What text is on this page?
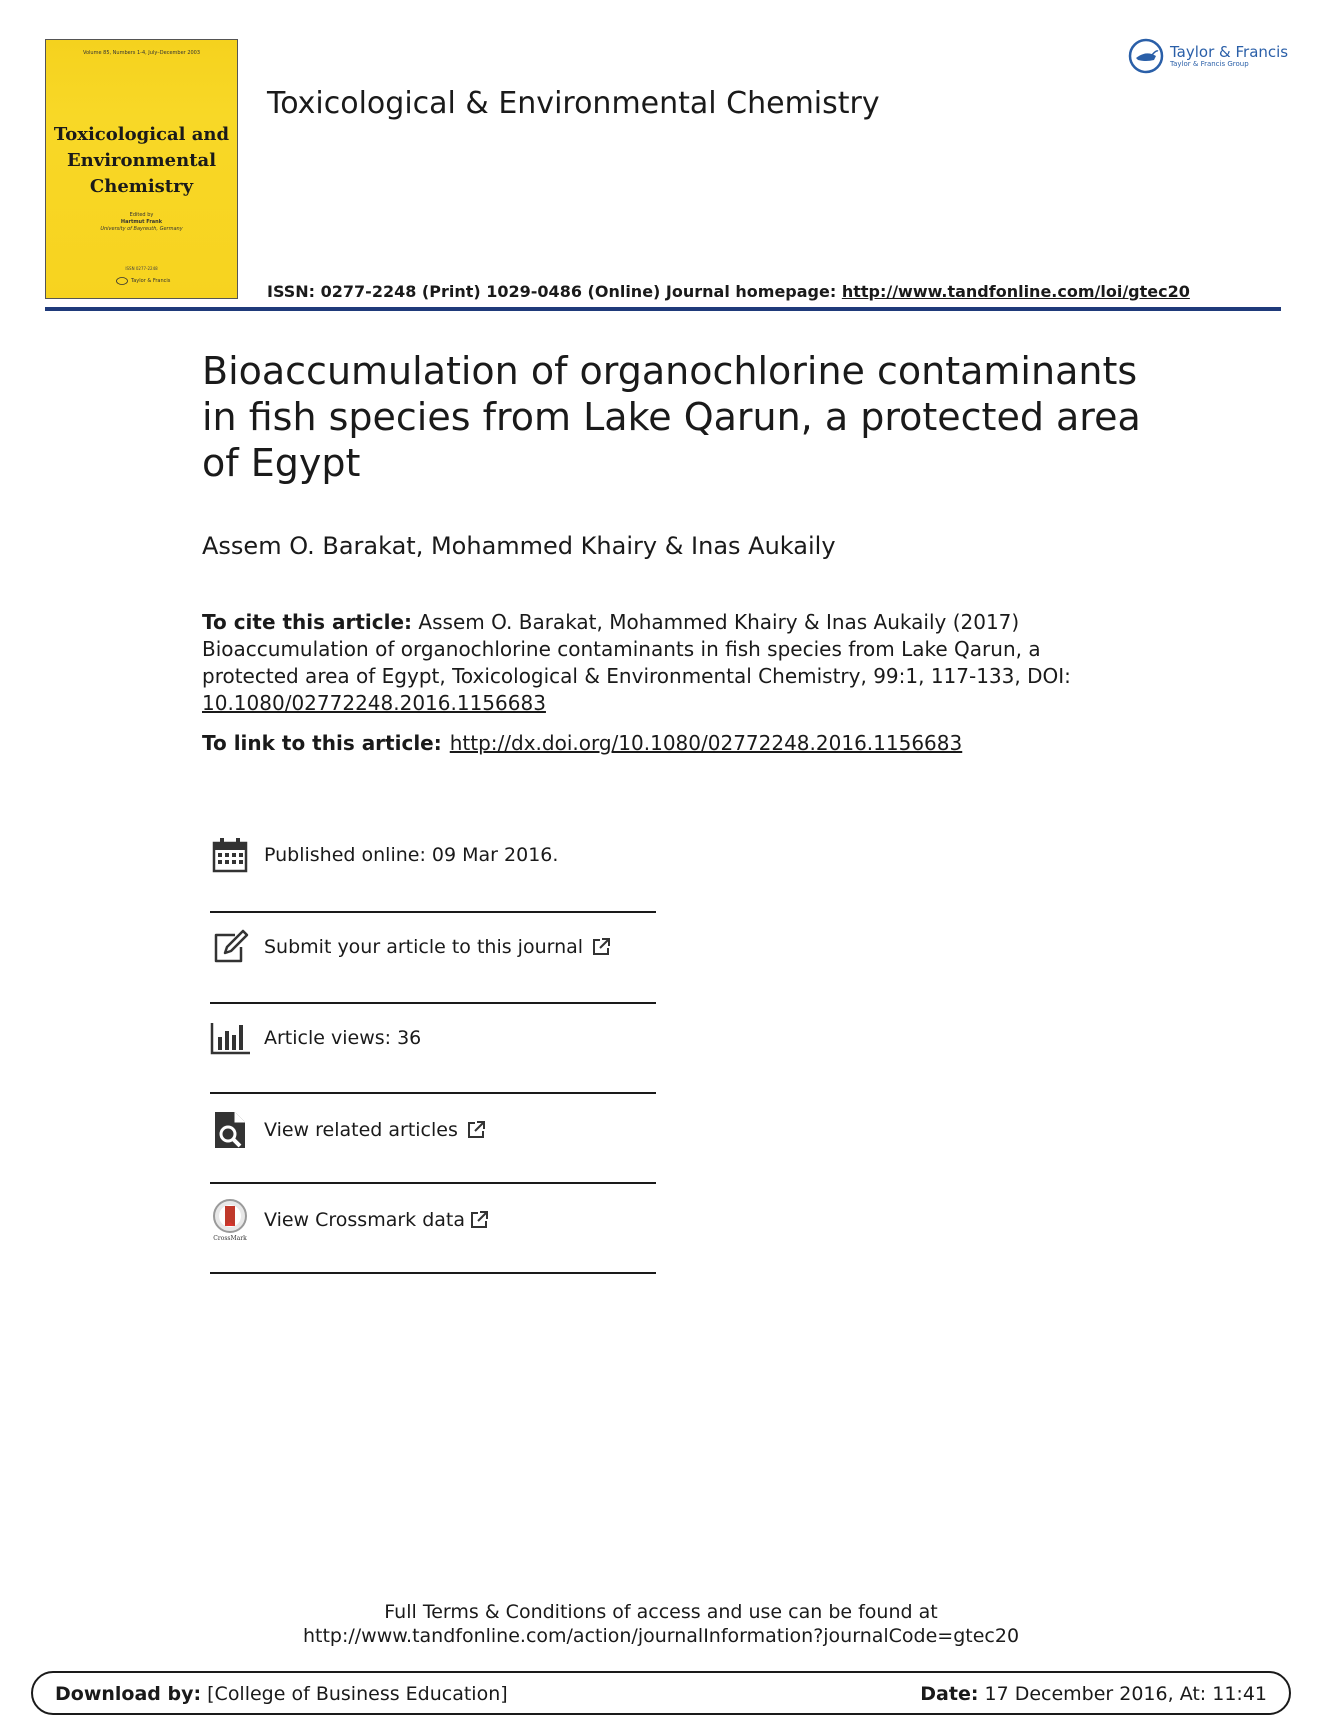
Volume 85, Numbers 1-4, July–December 2003
Toxicological and Environmental Chemistry
Edited by
Hartmut Frank
University of Bayreuth, Germany
ISSN 0277-2248
Taylor & Francis
Toxicological & Environmental Chemistry
Taylor & Francis
Taylor & Francis Group
ISSN: 0277-2248 (Print) 1029-0486 (Online) Journal homepage: http://www.tandfonline.com/loi/gtec20
Bioaccumulation of organochlorine contaminants in fish species from Lake Qarun, a protected area of Egypt
Assem O. Barakat, Mohammed Khairy & Inas Aukaily
To cite this article: Assem O. Barakat, Mohammed Khairy & Inas Aukaily (2017) Bioaccumulation of organochlorine contaminants in fish species from Lake Qarun, a protected area of Egypt, Toxicological & Environmental Chemistry, 99:1, 117-133, DOI: 10.1080/02772248.2016.1156683
To link to this article: http://dx.doi.org/10.1080/02772248.2016.1156683
Published online: 09 Mar 2016.
Submit your article to this journal
Article views: 36
View related articles
CrossMark
View Crossmark data
Full Terms & Conditions of access and use can be found at
http://www.tandfonline.com/action/journalInformation?journalCode=gtec20
Download by: [College of Business Education]	Date: 17 December 2016, At: 11:41
